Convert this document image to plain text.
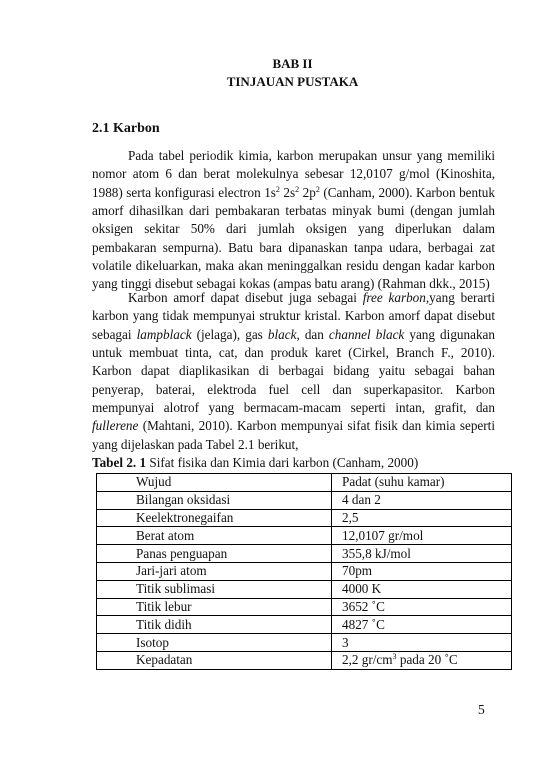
BAB II
TINJAUAN PUSTAKA
2.1 Karbon
Pada tabel periodik kimia, karbon merupakan unsur yang memiliki nomor atom 6 dan berat molekulnya sebesar 12,0107 g/mol (Kinoshita, 1988) serta konfigurasi electron $1s^2$ $2s^2$ $2p^2$ (Canham, 2000). Karbon bentuk amorf dihasilkan dari pembakaran terbatas minyak bumi (dengan jumlah oksigen sekitar 50% dari jumlah oksigen yang diperlukan dalam pembakaran sempurna). Batu bara dipanaskan tanpa udara, berbagai zat volatile dikeluarkan, maka akan meninggalkan residu dengan kadar karbon yang tinggi disebut sebagai kokas (ampas batu arang) (Rahman dkk., 2015)
Karbon amorf dapat disebut juga sebagai free karbon,yang berarti karbon yang tidak mempunyai struktur kristal. Karbon amorf dapat disebut sebagai lampblack (jelaga), gas black, dan channel black yang digunakan untuk membuat tinta, cat, dan produk karet (Cirkel, Branch F., 2010). Karbon dapat diaplikasikan di berbagai bidang yaitu sebagai bahan penyerap, baterai, elektroda fuel cell dan superkapasitor. Karbon mempunyai alotrof yang bermacam-macam seperti intan, grafit, dan fullerene (Mahtani, 2010). Karbon mempunyai sifat fisik dan kimia seperti yang dijelaskan pada Tabel 2.1 berikut,
Tabel 2. 1 Sifat fisika dan Kimia dari karbon (Canham, 2000)
Wujud	Padat (suhu kamar)
Bilangan oksidasi	4 dan 2
Keelektronegaifan	2,5
Berat atom	12,0107 gr/mol
Panas penguapan	355,8 kJ/mol
Jari-jari atom	70pm
Titik sublimasi	4000 K
Titik lebur	3652 ˚C
Titik didih	4827 ˚C
Isotop	3
Kepadatan	2,2 $gr/cm^3$ pada 20 ˚C
5
